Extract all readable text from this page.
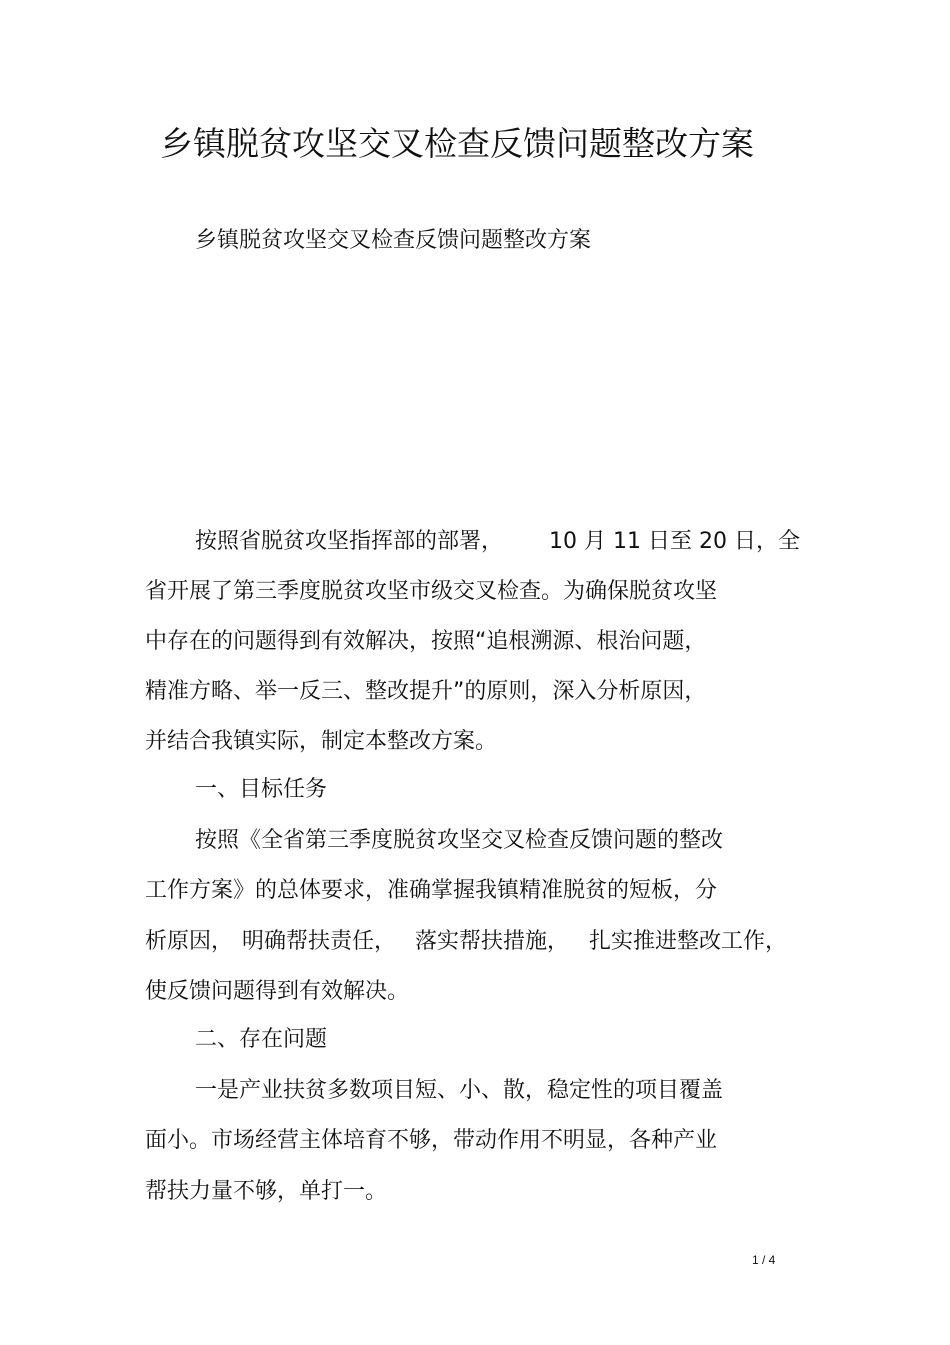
乡镇脱贫攻坚交叉检查反馈问题整改方案
乡镇脱贫攻坚交叉检查反馈问题整改方案
按照省脱贫攻坚指挥部的部署， 10 月 11 日至 20 日，全
省开展了第三季度脱贫攻坚市级交叉检查。为确保脱贫攻坚
中存在的问题得到有效解决，按照“追根溯源、根治问题，
精准方略、举一反三、整改提升”的原则，深入分析原因，
并结合我镇实际，制定本整改方案。
一、目标任务
按照《全省第三季度脱贫攻坚交叉检查反馈问题的整改
工作方案》的总体要求，准确掌握我镇精准脱贫的短板，分
析原因， 明确帮扶责任， 落实帮扶措施， 扎实推进整改工作，
使反馈问题得到有效解决。
二、存在问题
一是产业扶贫多数项目短、小、散，稳定性的项目覆盖
面小。市场经营主体培育不够，带动作用不明显，各种产业
帮扶力量不够，单打一。
1 / 4
